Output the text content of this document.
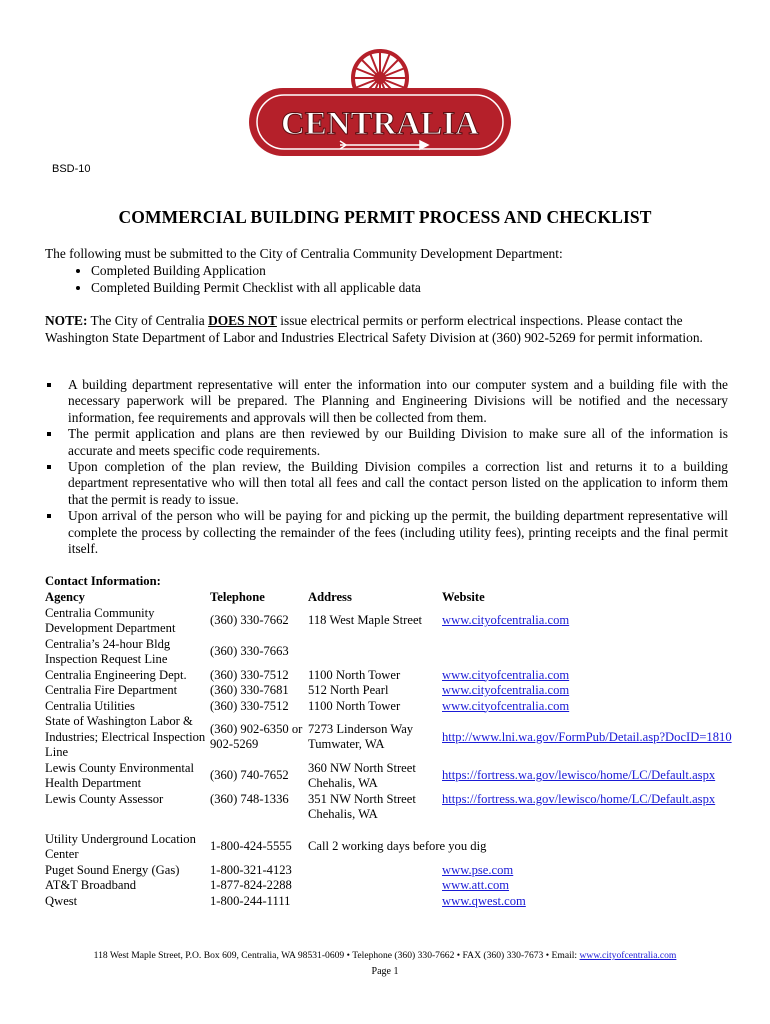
CENTRALIA
BSD-10
COMMERCIAL BUILDING PERMIT PROCESS AND CHECKLIST
The following must be submitted to the City of Centralia Community Development Department:
• Completed Building Application
• Completed Building Permit Checklist with all applicable data
NOTE: The City of Centralia DOES NOT issue electrical permits or perform electrical inspections. Please contact the Washington State Department of Labor and Industries Electrical Safety Division at (360) 902-5269 for permit information.
A building department representative will enter the information into our computer system and a building file with the necessary paperwork will be prepared. The Planning and Engineering Divisions will be notified and the necessary information, fee requirements and approvals will then be collected from them.
The permit application and plans are then reviewed by our Building Division to make sure all of the information is accurate and meets specific code requirements.
Upon completion of the plan review, the Building Division compiles a correction list and returns it to a building department representative who will then total all fees and call the contact person listed on the application to inform them that the permit is ready to issue.
Upon arrival of the person who will be paying for and picking up the permit, the building department representative will complete the process by collecting the remainder of the fees (including utility fees), printing receipts and the final permit itself.
Contact Information:
Agency	Telephone	Address	Website
Centralia Community Development Department	(360) 330-7662	118 West Maple Street	www.cityofcentralia.com
Centralia’s 24-hour Bldg Inspection Request Line	(360) 330-7663		
Centralia Engineering Dept.	(360) 330-7512	1100 North Tower	www.cityofcentralia.com
Centralia Fire Department	(360) 330-7681	512 North Pearl	www.cityofcentralia.com
Centralia Utilities	(360) 330-7512	1100 North Tower	www.cityofcentralia.com
State of Washington Labor & Industries; Electrical Inspection Line	(360) 902-6350 or 902-5269	7273 Linderson Way Tumwater, WA	http://www.lni.wa.gov/FormPub/Detail.asp?DocID=1810
Lewis County Environmental Health Department	(360) 740-7652	360 NW North Street Chehalis, WA	https://fortress.wa.gov/lewisco/home/LC/Default.aspx
Lewis County Assessor	(360) 748-1336	351 NW North Street Chehalis, WA	https://fortress.wa.gov/lewisco/home/LC/Default.aspx
Utility Underground Location Center	1-800-424-5555	Call 2 working days before you dig	
Puget Sound Energy (Gas)	1-800-321-4123		www.pse.com
AT&T Broadband	1-877-824-2288		www.att.com
Qwest	1-800-244-1111		www.qwest.com
118 West Maple Street, P.O. Box 609, Centralia, WA 98531-0609 • Telephone (360) 330-7662 • FAX (360) 330-7673 • Email: www.cityofcentralia.com
Page 1
